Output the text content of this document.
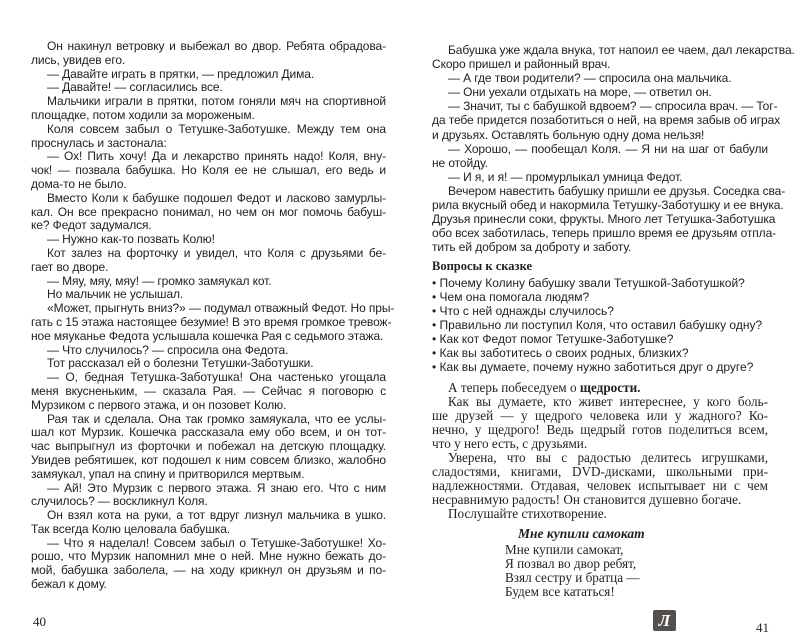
Он накинул ветровку и выбежал во двор. Ребята обрадова-
лись, увидев его.
— Давайте играть в прятки, — предложил Дима.
— Давайте! — согласились все.
Мальчики играли в прятки, потом гоняли мяч на спортивной
площадке, потом ходили за мороженым.
Коля совсем забыл о Тетушке-Заботушке. Между тем она
проснулась и застонала:
— Ох! Пить хочу! Да и лекарство принять надо! Коля, вну-
чок! — позвала бабушка. Но Коля ее не слышал, его ведь и
дома-то не было.
Вместо Коли к бабушке подошел Федот и ласково замурлы-
кал. Он все прекрасно понимал, но чем он мог помочь бабуш-
ке? Федот задумался.
— Нужно как-то позвать Колю!
Кот залез на форточку и увидел, что Коля с друзьями бе-
гает во дворе.
— Мяу, мяу, мяу! — громко замяукал кот.
Но мальчик не услышал.
«Может, прыгнуть вниз?» — подумал отважный Федот. Но пры-
гать с 15 этажа настоящее безумие! В это время громкое тревож-
ное мяуканье Федота услышала кошечка Рая с седьмого этажа.
— Что случилось? — спросила она Федота.
Тот рассказал ей о болезни Тетушки-Заботушки.
— О, бедная Тетушка-Заботушка! Она частенько угощала
меня вкусненьким, — сказала Рая. — Сейчас я поговорю с
Мурзиком с первого этажа, и он позовет Колю.
Рая так и сделала. Она так громко замяукала, что ее услы-
шал кот Мурзик. Кошечка рассказала ему обо всем, и он тот-
час выпрыгнул из форточки и побежал на детскую площадку.
Увидев ребятишек, кот подошел к ним совсем близко, жалобно
замяукал, упал на спину и притворился мертвым.
— Ай! Это Мурзик с первого этажа. Я знаю его. Что с ним
случилось? — воскликнул Коля.
Он взял кота на руки, а тот вдруг лизнул мальчика в ушко.
Так всегда Колю целовала бабушка.
— Что я наделал! Совсем забыл о Тетушке-Заботушке! Хо-
рошо, что Мурзик напомнил мне о ней. Мне нужно бежать до-
мой, бабушка заболела, — на ходу крикнул он друзьям и по-
бежал к дому.
40
Бабушка уже ждала внука, тот напоил ее чаем, дал лекарства.
Скоро пришел и районный врач.
— А где твои родители? — спросила она мальчика.
— Они уехали отдыхать на море, — ответил он.
— Значит, ты с бабушкой вдвоем? — спросила врач. — Тог-
да тебе придется позаботиться о ней, на время забыв об играх
и друзьях. Оставлять больную одну дома нельзя!
— Хорошо, — пообещал Коля. — Я ни на шаг от бабули
не отойду.
— И я, и я! — промурлыкал умница Федот.
Вечером навестить бабушку пришли ее друзья. Соседка сва-
рила вкусный обед и накормила Тетушку-Заботушку и ее внука.
Друзья принесли соки, фрукты. Много лет Тетушка-Заботушка
обо всех заботилась, теперь пришло время ее друзьям отпла-
тить ей добром за доброту и заботу.
Вопросы к сказке
• Почему Колину бабушку звали Тетушкой-Заботушкой?
• Чем она помогала людям?
• Что с ней однажды случилось?
• Правильно ли поступил Коля, что оставил бабушку одну?
• Как кот Федот помог Тетушке-Заботушке?
• Как вы заботитесь о своих родных, близких?
• Как вы думаете, почему нужно заботиться друг о друге?
А теперь побеседуем о щедрости.
Как вы думаете, кто живет интереснее, у кого боль-
ше друзей — у щедрого человека или у жадного? Ко-
нечно, у щедрого! Ведь щедрый готов поделиться всем,
что у него есть, с друзьями.
Уверена, что вы с радостью делитесь игрушками,
сладостями, книгами, DVD-дисками, школьными при-
надлежностями. Отдавая, человек испытывает ни с чем
несравнимую радость! Он становится душевно богаче.
Послушайте стихотворение.
Мне купили самокат
Мне купили самокат,
Я позвал во двор ребят,
Взял сестру и братца —
Будем все кататься!
Л	41
